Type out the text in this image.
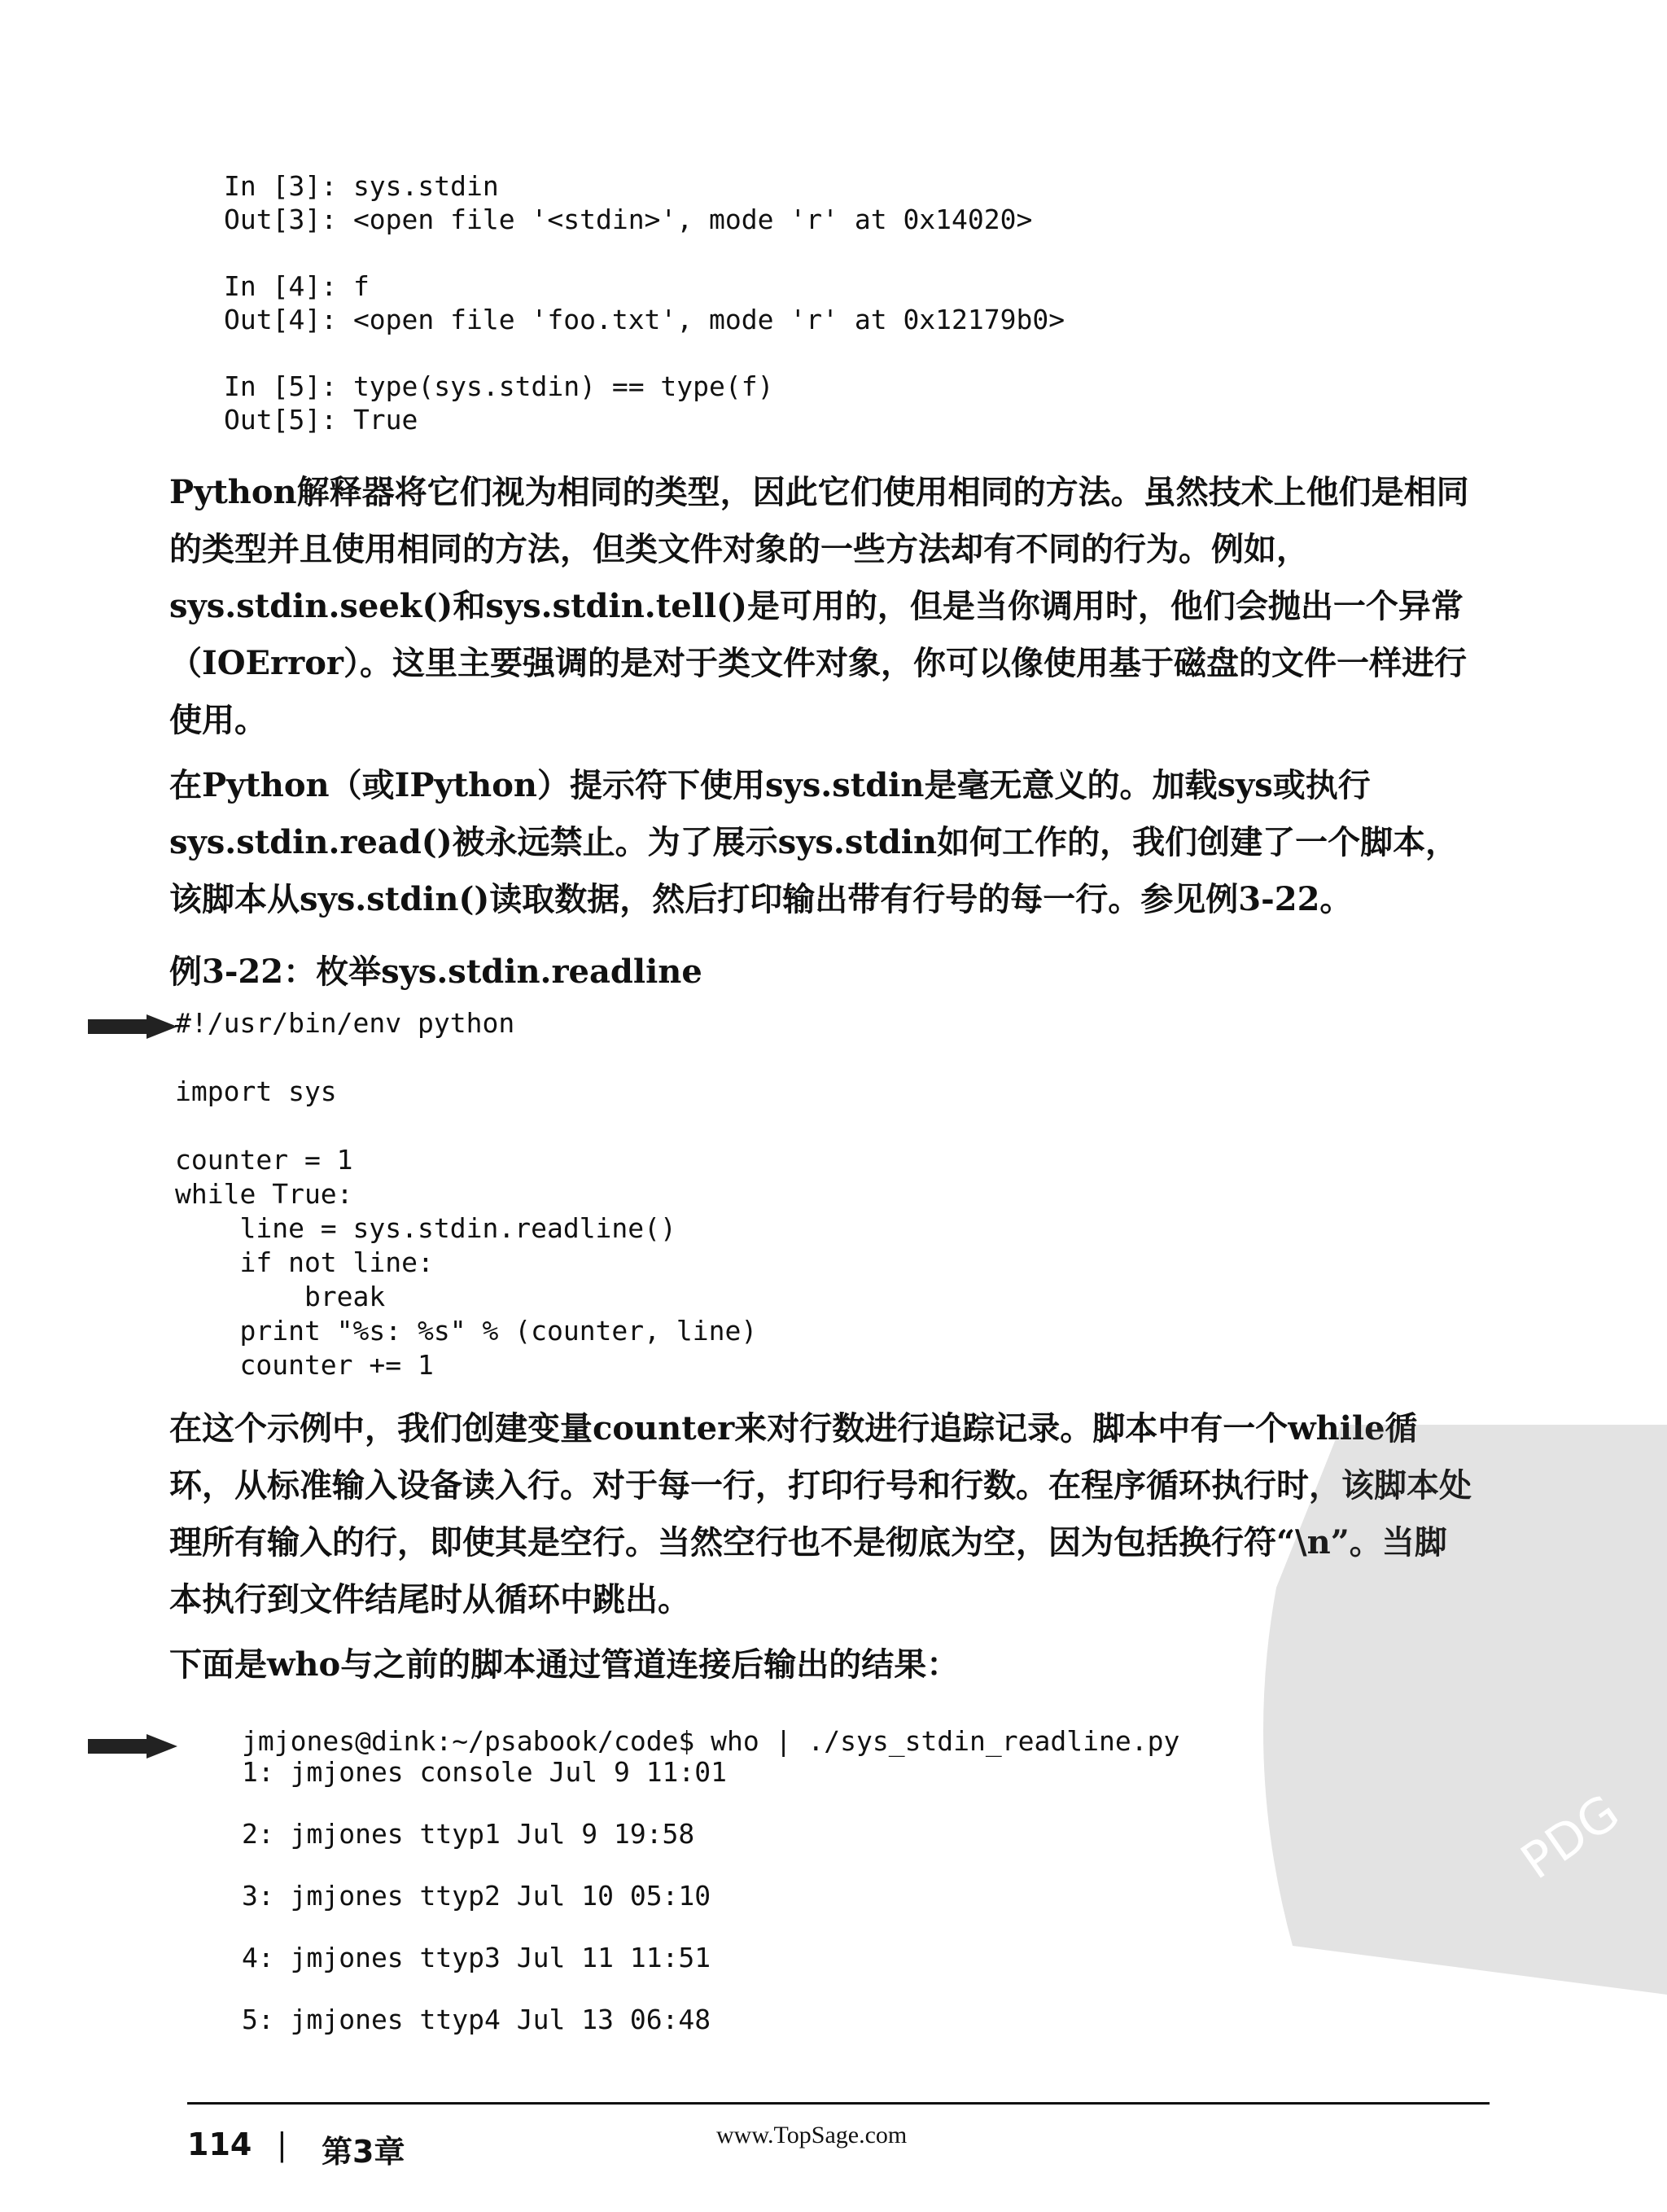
In [3]: sys.stdin
Out[3]: <open file '<stdin>', mode 'r' at 0x14020>

In [4]: f
Out[4]: <open file 'foo.txt', mode 'r' at 0x12179b0>

In [5]: type(sys.stdin) == type(f)
Out[5]: True

Python解释器将它们视为相同的类型，因此它们使用相同的方法。虽然技术上他们是相同的类型并且使用相同的方法，但类文件对象的一些方法却有不同的行为。例如，sys.stdin.seek()和sys.stdin.tell()是可用的，但是当你调用时，他们会抛出一个异常（IOError）。这里主要强调的是对于类文件对象，你可以像使用基于磁盘的文件一样进行使用。

在Python（或IPython）提示符下使用sys.stdin是毫无意义的。加载sys或执行sys.stdin.read()被永远禁止。为了展示sys.stdin如何工作的，我们创建了一个脚本，该脚本从sys.stdin()读取数据，然后打印输出带有行号的每一行。参见例3-22。

例3-22：枚举sys.stdin.readline

#!/usr/bin/env python

import sys

counter = 1
while True:
line = sys.stdin.readline()
if not line:
break
print "%s: %s" % (counter, line)
counter += 1

在这个示例中，我们创建变量counter来对行数进行追踪记录。脚本中有一个while循环，从标准输入设备读入行。对于每一行，打印行号和行数。在程序循环执行时，该脚本处理所有输入的行，即使其是空行。当然空行也不是彻底为空，因为包括换行符“\n”。当脚本执行到文件结尾时从循环中跳出。

下面是who与之前的脚本通过管道连接后输出的结果：

jmjones@dink:~/psabook/code$ who | ./sys_stdin_readline.py
1: jmjones console Jul 9 11:01

2: jmjones ttyp1 Jul 9 19:58

3: jmjones ttyp2 Jul 10 05:10

4: jmjones ttyp3 Jul 11 11:51

5: jmjones ttyp4 Jul 13 06:48
PDG
114 | 第3章	www.TopSage.com
